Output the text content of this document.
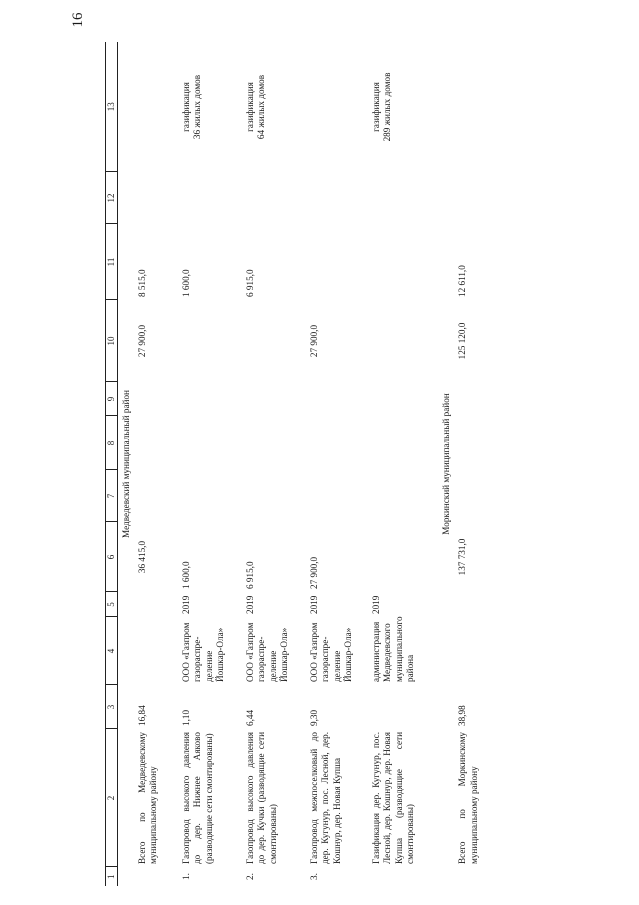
16
1	2	3	4	5	6	7	8	9	10	11	12	13
Медведевский муниципальный район												
	Всего по Медведевскому муниципальному району	16,84			36 415,0				27 900,0	8 515,0		
1.	Газопровод высокого давления до дер. Нижнее Аяково (разводящие сети смонтированы)	1,10	ООО «Газпром газораспре-деление Йошкар-Ола»	2019	1 600,0					1 600,0		газификация 36 жилых домов

2.	Газопровод высокого давления до дер. Кучки (разводящие сети смонтированы)	6,44	ООО «Газпром газораспре-деление Йошкар-Ола»	2019	6 915,0					6 915,0		газификация 64 жилых домов

3.	Газопровод межпоселковый до дер. Кугунур, пос. Лесной, дер. Кошнур, дер. Новая Купша	9,30	ООО «Газпром газораспре-деление Йошкар-Ола»	2019	27 900,0				27 900,0			

	Газификация дер. Кугунур, пос. Лесной, дер. Кошнур, дер. Новая Купша (разводящие сети смонтированы)		администрация Медведевского муниципального района	2019								газификация 289 жилых домов

Моркинский муниципальный район												
	Всего по Моркинскому муниципальному району	38,98			137 731,0				125 120,0	12 611,0		
